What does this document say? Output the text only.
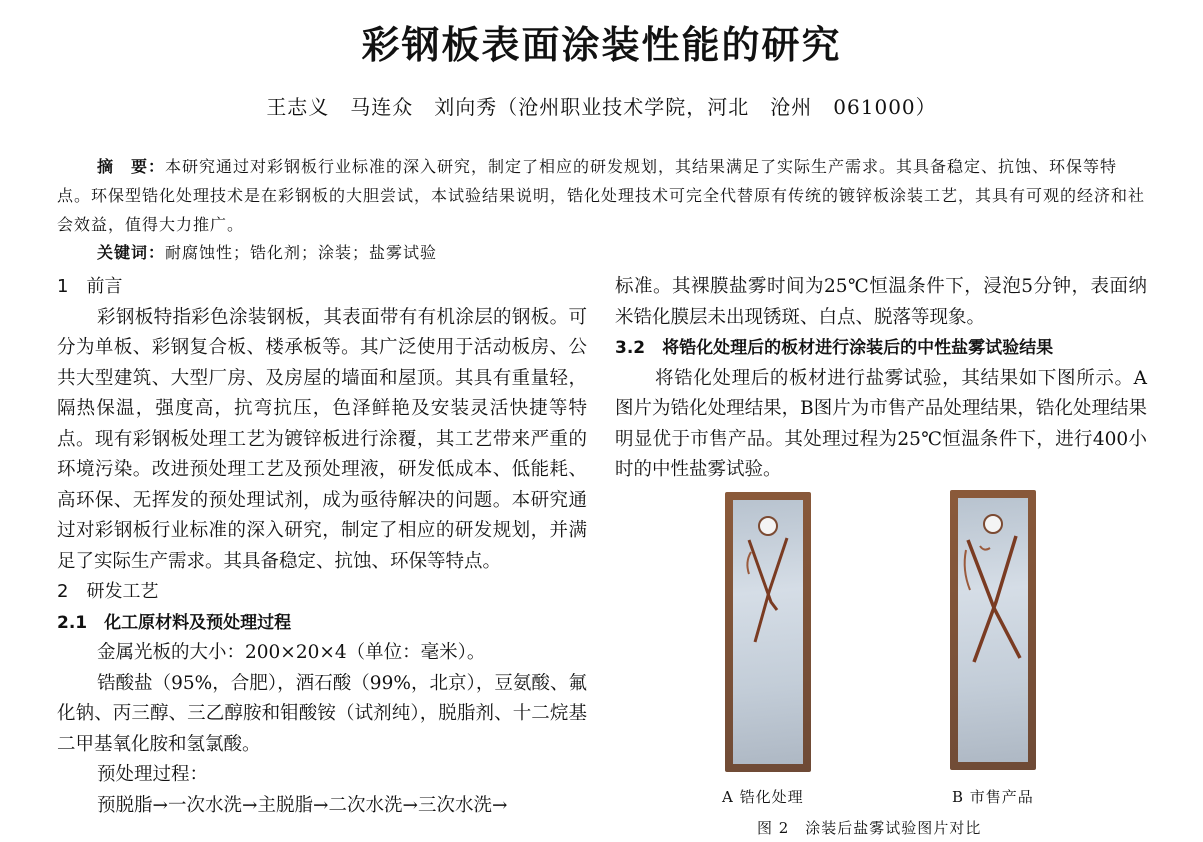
彩钢板表面涂装性能的研究
王志义　马连众　刘向秀（沧州职业技术学院，河北　沧州　061000）

摘　要：本研究通过对彩钢板行业标准的深入研究，制定了相应的研发规划，其结果满足了实际生产需求。其具备稳定、抗蚀、环保等特点。环保型锆化处理技术是在彩钢板的大胆尝试，本试验结果说明，锆化处理技术可完全代替原有传统的镀锌板涂装工艺，其具有可观的经济和社会效益，值得大力推广。

关键词：耐腐蚀性；锆化剂；涂装；盐雾试验
1　前言

彩钢板特指彩色涂装钢板，其表面带有有机涂层的钢板。可分为单板、彩钢复合板、楼承板等。其广泛使用于活动板房、公共大型建筑、大型厂房、及房屋的墙面和屋顶。其具有重量轻，隔热保温，强度高，抗弯抗压，色泽鲜艳及安装灵活快捷等特点。现有彩钢板处理工艺为镀锌板进行涂覆，其工艺带来严重的环境污染。改进预处理工艺及预处理液，研发低成本、低能耗、高环保、无挥发的预处理试剂，成为亟待解决的问题。本研究通过对彩钢板行业标准的深入研究，制定了相应的研发规划，并满足了实际生产需求。其具备稳定、抗蚀、环保等特点。

2　研发工艺
2.1　化工原材料及预处理过程

金属光板的大小：200×20×4（单位：毫米）。

锆酸盐（95%，合肥），酒石酸（99%，北京），豆氨酸、氟化钠、丙三醇、三乙醇胺和钼酸铵（试剂纯），脱脂剂、十二烷基二甲基氧化胺和氢氯酸。

预处理过程：

预脱脂→一次水洗→主脱脂→二次水洗→三次水洗→

标准。其裸膜盐雾时间为25℃恒温条件下，浸泡5分钟，表面纳米锆化膜层未出现锈斑、白点、脱落等现象。

3.2　将锆化处理后的板材进行涂装后的中性盐雾试验结果

将锆化处理后的板材进行盐雾试验，其结果如下图所示。A图片为锆化处理结果，B图片为市售产品处理结果，锆化处理结果明显优于市售产品。其处理过程为25℃恒温条件下，进行400小时的中性盐雾试验。

A 锆化处理	B 市售产品
图 2　涂装后盐雾试验图片对比
